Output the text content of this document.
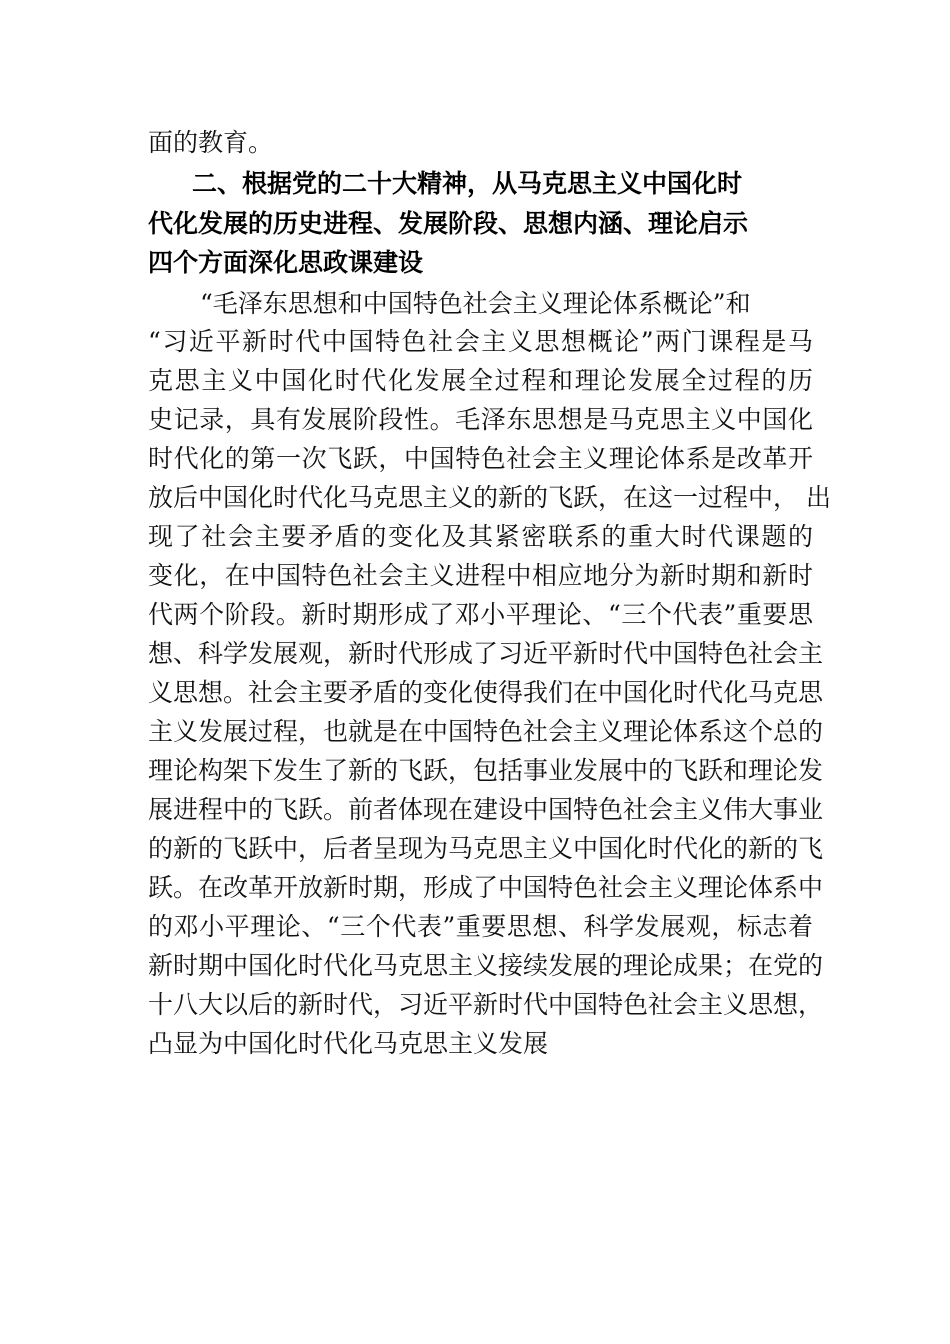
面的教育。
二、根据党的二十大精神，从马克思主义中国化时
代化发展的历史进程、发展阶段、思想内涵、理论启示
四个方面深化思政课建设
“毛泽东思想和中国特色社会主义理论体系概论”和
“习近平新时代中国特色社会主义思想概论”两门课程是马
克思主义中国化时代化发展全过程和理论发展全过程的历
史记录，具有发展阶段性。毛泽东思想是马克思主义中国化
时代化的第一次飞跃，中国特色社会主义理论体系是改革开
放后中国化时代化马克思主义的新的飞跃，在这一过程中， 出
现了社会主要矛盾的变化及其紧密联系的重大时代课题的
变化，在中国特色社会主义进程中相应地分为新时期和新时
代两个阶段。新时期形成了邓小平理论、“三个代表”重要思
想、科学发展观，新时代形成了习近平新时代中国特色社会主
义思想。社会主要矛盾的变化使得我们在中国化时代化马克思
主义发展过程，也就是在中国特色社会主义理论体系这个总的
理论构架下发生了新的飞跃，包括事业发展中的飞跃和理论发
展进程中的飞跃。前者体现在建设中国特色社会主义伟大事业
的新的飞跃中，后者呈现为马克思主义中国化时代化的新的飞
跃。在改革开放新时期，形成了中国特色社会主义理论体系中
的邓小平理论、“三个代表”重要思想、科学发展观，标志着
新时期中国化时代化马克思主义接续发展的理论成果；在党的
十八大以后的新时代，习近平新时代中国特色社会主义思想，
凸显为中国化时代化马克思主义发展
